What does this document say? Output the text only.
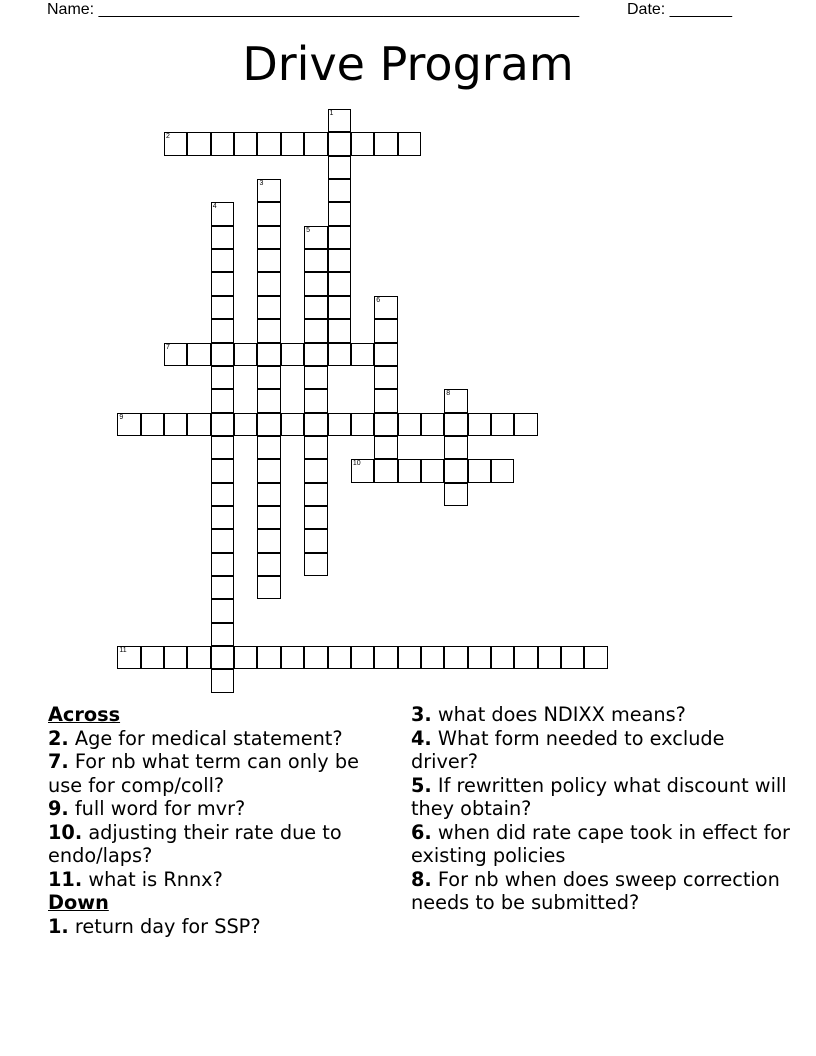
Name: ______________________________________________________	Date: _______
Drive Program
1
2
3
4
5
6
7
8
9
10
11
Across
2. Age for medical statement?
7. For nb what term can only be use for comp/coll?
9. full word for mvr?
10. adjusting their rate due to endo/laps?
11. what is Rnnx?
Down
1. return day for SSP?
3. what does NDIXX means?
4. What form needed to exclude driver?
5. If rewritten policy what discount will they obtain?
6. when did rate cape took in effect for existing policies
8. For nb when does sweep correction needs to be submitted?
